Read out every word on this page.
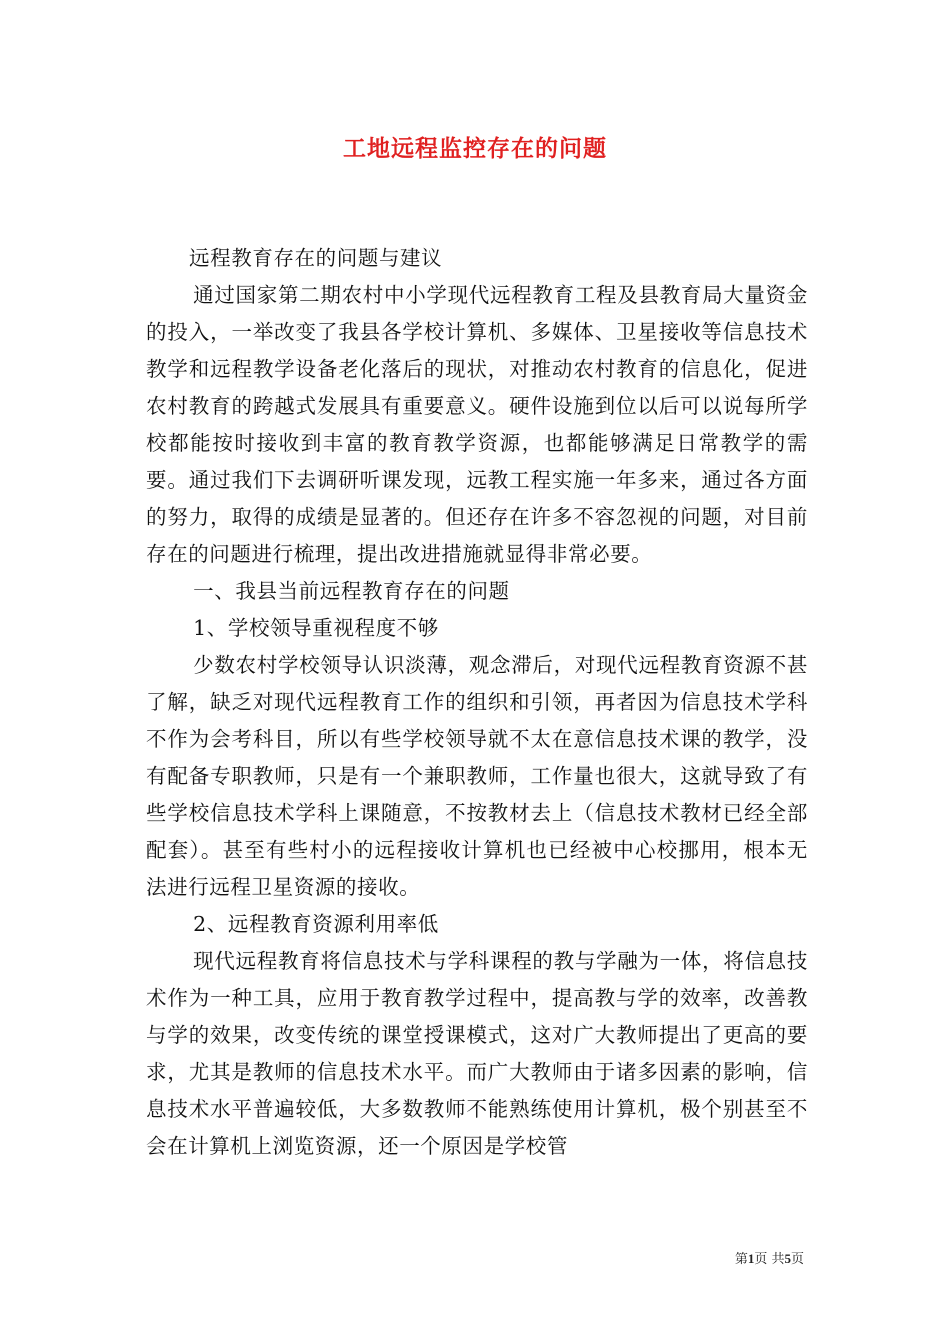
工地远程监控存在的问题

远程教育存在的问题与建议

通过国家第二期农村中小学现代远程教育工程及县教育局大量资金的投入，一举改变了我县各学校计算机、多媒体、卫星接收等信息技术教学和远程教学设备老化落后的现状，对推动农村教育的信息化，促进农村教育的跨越式发展具有重要意义。硬件设施到位以后可以说每所学校都能按时接收到丰富的教育教学资源，也都能够满足日常教学的需要。通过我们下去调研听课发现，远教工程实施一年多来，通过各方面的努力，取得的成绩是显著的。但还存在许多不容忽视的问题，对目前存在的问题进行梳理，提出改进措施就显得非常必要。

一、我县当前远程教育存在的问题

1、学校领导重视程度不够

少数农村学校领导认识淡薄，观念滞后，对现代远程教育资源不甚了解，缺乏对现代远程教育工作的组织和引领，再者因为信息技术学科不作为会考科目，所以有些学校领导就不太在意信息技术课的教学，没有配备专职教师，只是有一个兼职教师，工作量也很大，这就导致了有些学校信息技术学科上课随意，不按教材去上（信息技术教材已经全部配套）。甚至有些村小的远程接收计算机也已经被中心校挪用，根本无法进行远程卫星资源的接收。

2、远程教育资源利用率低

现代远程教育将信息技术与学科课程的教与学融为一体，将信息技术作为一种工具，应用于教育教学过程中，提高教与学的效率，改善教与学的效果，改变传统的课堂授课模式，这对广大教师提出了更高的要求，尤其是教师的信息技术水平。而广大教师由于诸多因素的影响，信息技术水平普遍较低，大多数教师不能熟练使用计算机，极个别甚至不会在计算机上浏览资源，还一个原因是学校管

第1页 共5页
